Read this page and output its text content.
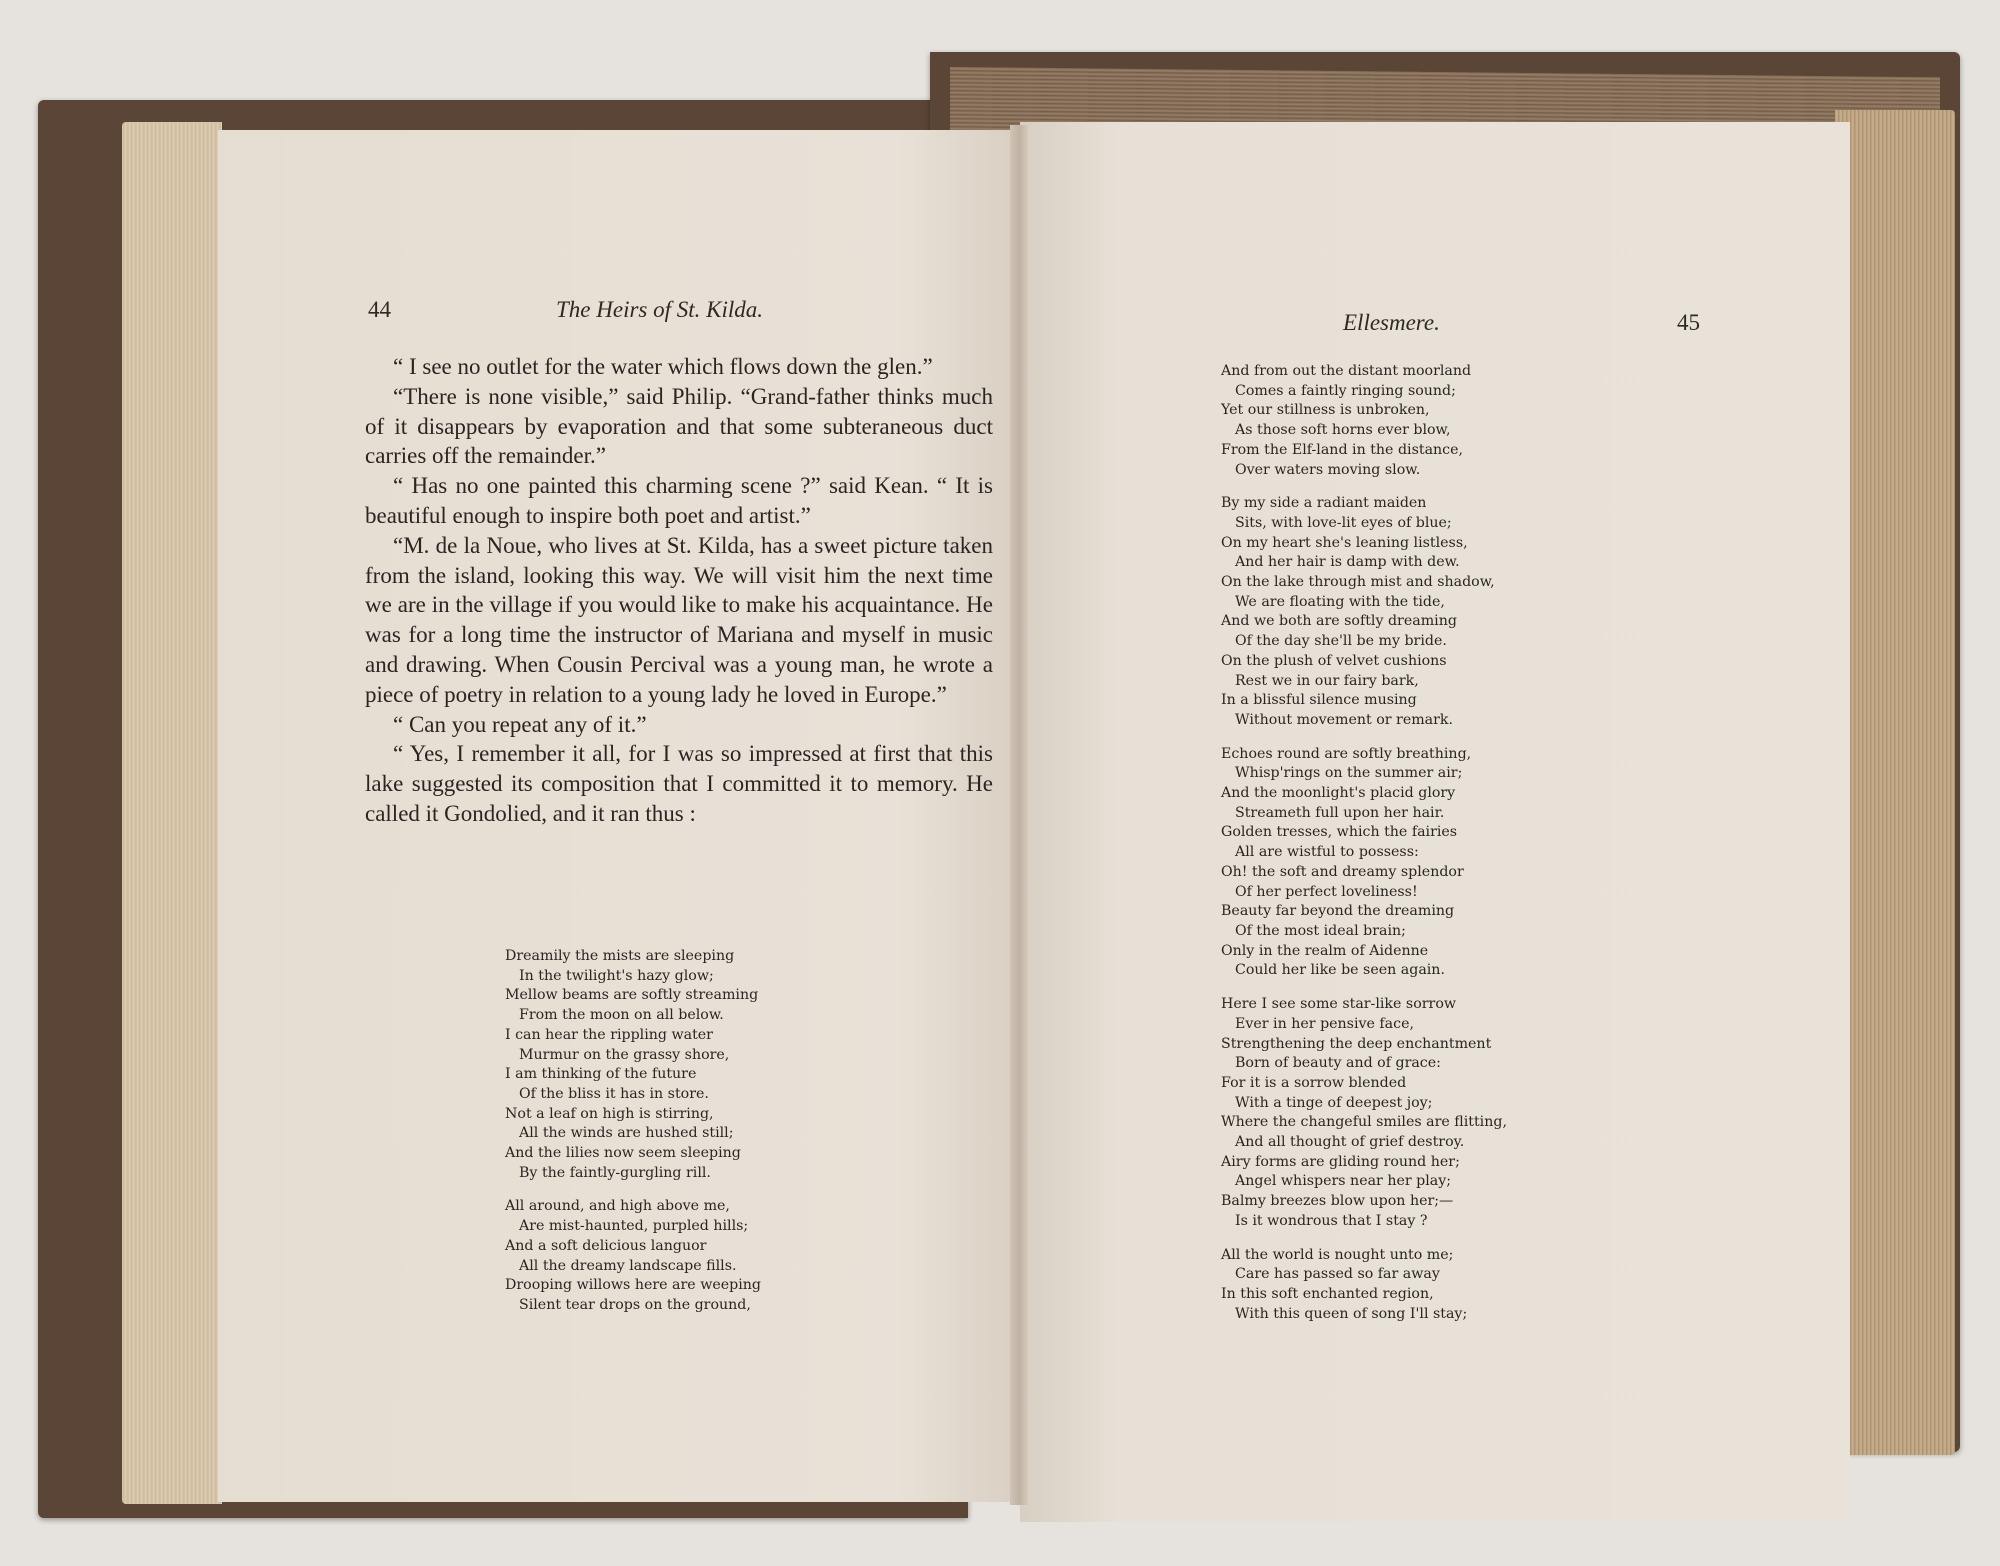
44	The Heirs of St. Kilda.
Ellesmere.	45

“ I see no outlet for the water which flows down the glen.”

“There is none visible,” said Philip. “Grand-father thinks much of it disappears by evaporation and that some subteraneous duct carries off the remainder.”

“ Has no one painted this charming scene ?” said Kean. “ It is beautiful enough to inspire both poet and artist.”

“M. de la Noue, who lives at St. Kilda, has a sweet picture taken from the island, looking this way. We will visit him the next time we are in the village if you would like to make his acquaintance. He was for a long time the instructor of Mariana and myself in music and drawing. When Cousin Percival was a young man, he wrote a piece of poetry in relation to a young lady he loved in Europe.”

“ Can you repeat any of it.”

“ Yes, I remember it all, for I was so impressed at first that this lake suggested its composition that I committed it to memory. He called it Gondolied, and it ran thus :

Dreamily the mists are sleeping
In the twilight's hazy glow;
Mellow beams are softly streaming
From the moon on all below.
I can hear the rippling water
Murmur on the grassy shore,
I am thinking of the future
Of the bliss it has in store.
Not a leaf on high is stirring,
All the winds are hushed still;
And the lilies now seem sleeping
By the faintly-gurgling rill.
All around, and high above me,
Are mist-haunted, purpled hills;
And a soft delicious languor
All the dreamy landscape fills.
Drooping willows here are weeping
Silent tear drops on the ground,
And from out the distant moorland
Comes a faintly ringing sound;
Yet our stillness is unbroken,
As those soft horns ever blow,
From the Elf-land in the distance,
Over waters moving slow.
By my side a radiant maiden
Sits, with love-lit eyes of blue;
On my heart she's leaning listless,
And her hair is damp with dew.
On the lake through mist and shadow,
We are floating with the tide,
And we both are softly dreaming
Of the day she'll be my bride.
On the plush of velvet cushions
Rest we in our fairy bark,
In a blissful silence musing
Without movement or remark.
Echoes round are softly breathing,
Whisp'rings on the summer air;
And the moonlight's placid glory
Streameth full upon her hair.
Golden tresses, which the fairies
All are wistful to possess:
Oh! the soft and dreamy splendor
Of her perfect loveliness!
Beauty far beyond the dreaming
Of the most ideal brain;
Only in the realm of Aidenne
Could her like be seen again.
Here I see some star-like sorrow
Ever in her pensive face,
Strengthening the deep enchantment
Born of beauty and of grace:
For it is a sorrow blended
With a tinge of deepest joy;
Where the changeful smiles are flitting,
And all thought of grief destroy.
Airy forms are gliding round her;
Angel whispers near her play;
Balmy breezes blow upon her;—
Is it wondrous that I stay ?
All the world is nought unto me;
Care has passed so far away
In this soft enchanted region,
With this queen of song I'll stay;
